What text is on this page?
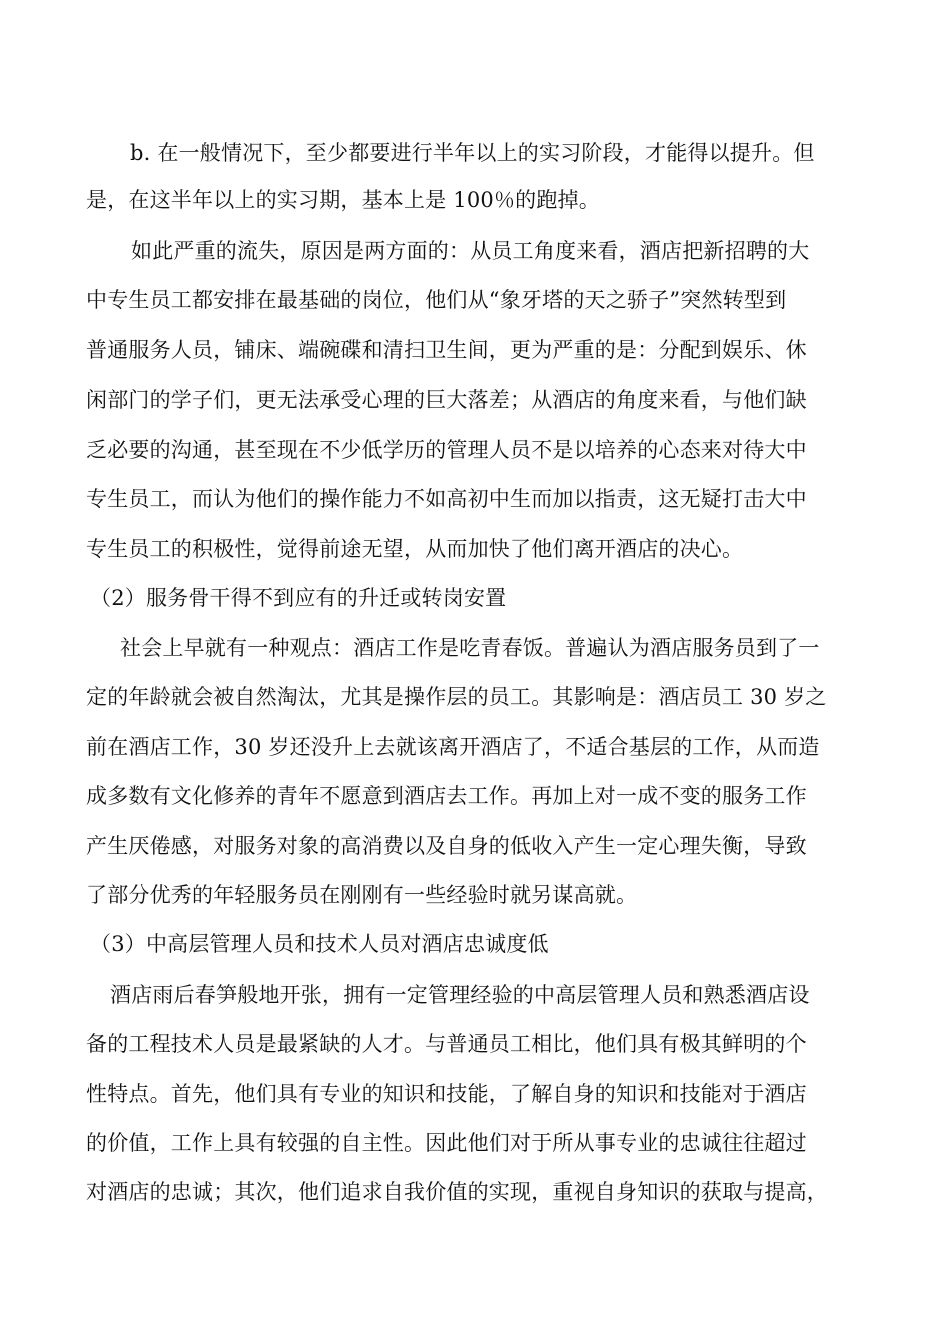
b. 在一般情况下，至少都要进行半年以上的实习阶段，才能得以提升。但
是，在这半年以上的实习期，基本上是 100％的跑掉。
如此严重的流失，原因是两方面的：从员工角度来看，酒店把新招聘的大
中专生员工都安排在最基础的岗位，他们从“象牙塔的天之骄子”突然转型到
普通服务人员，铺床、端碗碟和清扫卫生间，更为严重的是：分配到娱乐、休
闲部门的学子们，更无法承受心理的巨大落差；从酒店的角度来看，与他们缺
乏必要的沟通，甚至现在不少低学历的管理人员不是以培养的心态来对待大中
专生员工，而认为他们的操作能力不如高初中生而加以指责，这无疑打击大中
专生员工的积极性，觉得前途无望，从而加快了他们离开酒店的决心。
（2）服务骨干得不到应有的升迁或转岗安置
社会上早就有一种观点：酒店工作是吃青春饭。普遍认为酒店服务员到了一
定的年龄就会被自然淘汰，尤其是操作层的员工。其影响是：酒店员工 30 岁之
前在酒店工作，30 岁还没升上去就该离开酒店了，不适合基层的工作，从而造
成多数有文化修养的青年不愿意到酒店去工作。再加上对一成不变的服务工作
产生厌倦感，对服务对象的高消费以及自身的低收入产生一定心理失衡，导致
了部分优秀的年轻服务员在刚刚有一些经验时就另谋高就。
（3）中高层管理人员和技术人员对酒店忠诚度低
酒店雨后春笋般地开张，拥有一定管理经验的中高层管理人员和熟悉酒店设
备的工程技术人员是最紧缺的人才。与普通员工相比，他们具有极其鲜明的个
性特点。首先，他们具有专业的知识和技能，了解自身的知识和技能对于酒店
的价值，工作上具有较强的自主性。因此他们对于所从事专业的忠诚往往超过
对酒店的忠诚；其次，他们追求自我价值的实现，重视自身知识的获取与提高，
